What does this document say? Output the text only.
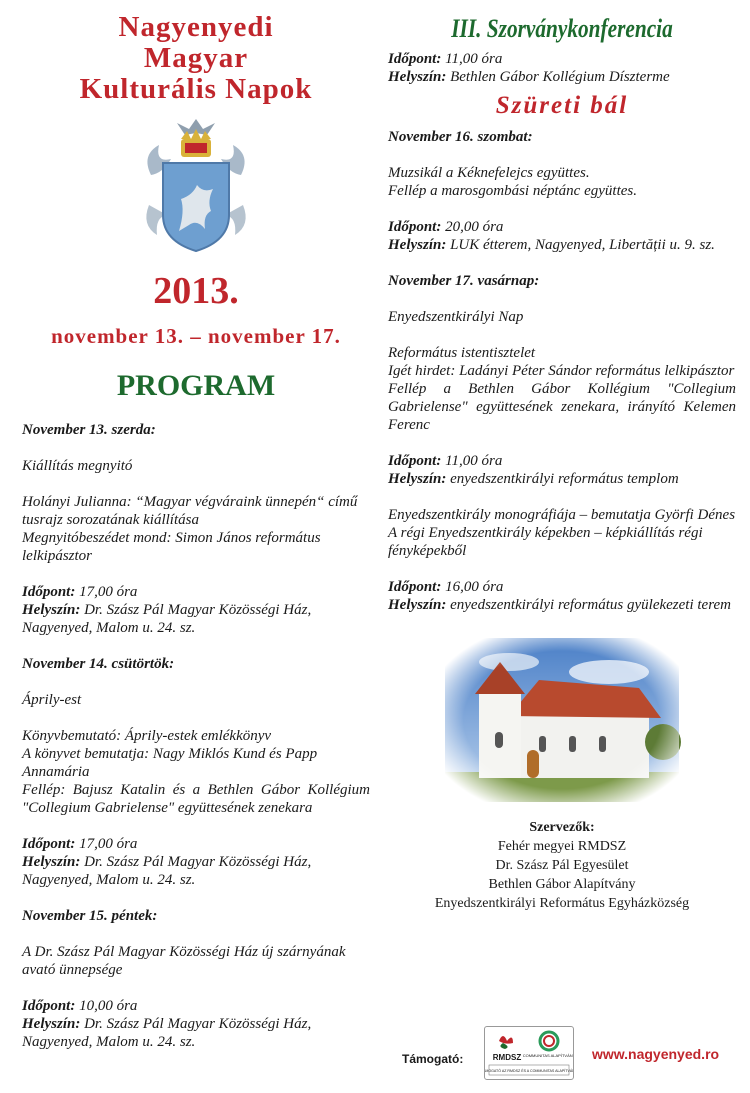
Nagyenyedi
Magyar
Kulturális Napok
2013.
november 13. – november 17.
PROGRAM

November 13. szerda:

Kiállítás megnyitó

Holányi Julianna: “Magyar végváraink ünnepén“ című tusrajz sorozatának kiállítása

Megnyitóbeszédet mond: Simon János református lelkipásztor

Időpont: 17,00 óra

Helyszín: Dr. Szász Pál Magyar Közösségi Ház, Nagyenyed, Malom u. 24. sz.

November 14. csütörtök:

Áprily-est

Könyvbemutató: Áprily-estek emlékkönyv

A könyvet bemutatja: Nagy Miklós Kund és Papp Annamária

Fellép: Bajusz Katalin és a Bethlen Gábor Kollégium "Collegium Gabrielense" együttesének zenekara

Időpont: 17,00 óra

Helyszín: Dr. Szász Pál Magyar Közösségi Ház, Nagyenyed, Malom u. 24. sz.

November 15. péntek:

A Dr. Szász Pál Magyar Közösségi Ház új szárnyának avató ünnepsége

Időpont: 10,00 óra

Helyszín: Dr. Szász Pál Magyar Közösségi Ház, Nagyenyed, Malom u. 24. sz.

III. Szorványkonferencia

Időpont: 11,00 óra

Helyszín: Bethlen Gábor Kollégium Díszterme

Szüreti bál

November 16. szombat:

Muzsikál a Kéknefelejcs együttes.

Fellép a marosgombási néptánc együttes.

Időpont: 20,00 óra

Helyszín: LUK étterem, Nagyenyed, Libertății u. 9. sz.

November 17. vasárnap:

Enyedszentkirályi Nap

Református istentisztelet

Igét hirdet: Ladányi Péter Sándor református lelkipásztor

Fellép a Bethlen Gábor Kollégium "Collegium Gabrielense" együttesének zenekara, irányító Kelemen Ferenc

Időpont: 11,00 óra

Helyszín: enyedszentkirályi református templom

Enyedszentkirály monográfiája – bemutatja Györfi Dénes

A régi Enyedszentkirály képekben – képkiállítás régi fényképekből

Időpont: 16,00 óra

Helyszín: enyedszentkirályi református gyülekezeti terem

Szervezők:
Fehér megyei RMDSZ
Dr. Szász Pál Egyesület
Bethlen Gábor Alapítvány
Enyedszentkirályi Református Egyházközség
Támogató:	RMDSZ COMMUNITAS ALAPÍTVÁNY
TÁMOGATÓ AZ RMDSZ ÉS A COMMUNITAS ALAPÍTVÁNY
www.nagyenyed.ro
